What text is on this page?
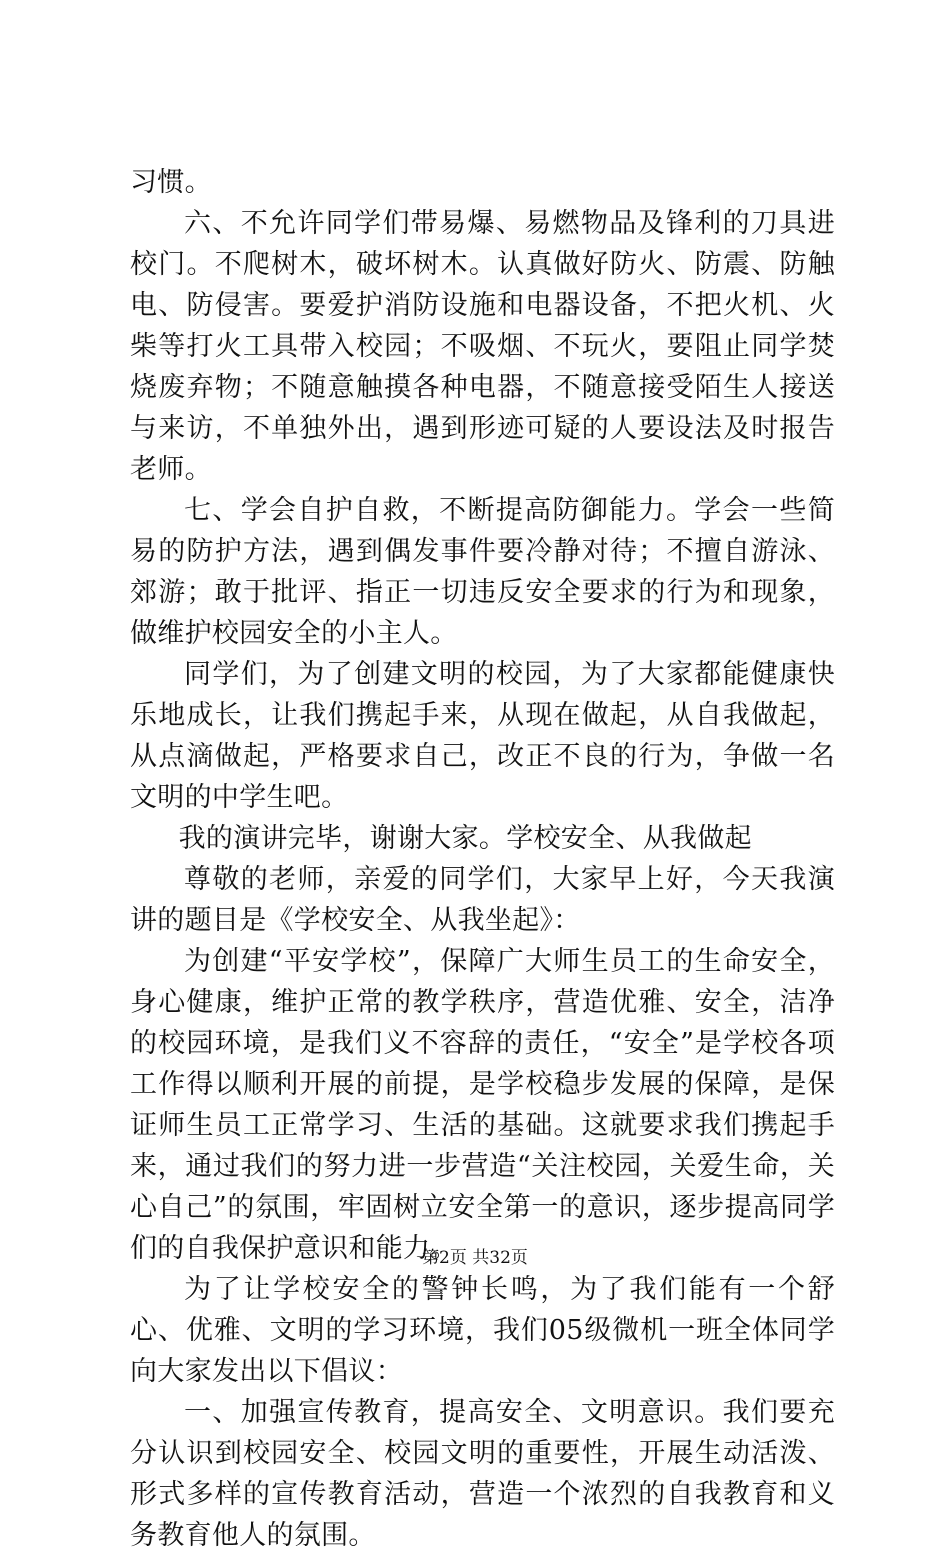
习惯。

六、不允许同学们带易爆、易燃物品及锋利的刀具进校门。不爬树木，破坏树木。认真做好防火、防震、防触电、防侵害。要爱护消防设施和电器设备，不把火机、火柴等打火工具带入校园；不吸烟、不玩火，要阻止同学焚烧废弃物；不随意触摸各种电器，不随意接受陌生人接送与来访，不单独外出，遇到形迹可疑的人要设法及时报告老师。

七、学会自护自救，不断提高防御能力。学会一些简易的防护方法，遇到偶发事件要冷静对待；不擅自游泳、郊游；敢于批评、指正一切违反安全要求的行为和现象，做维护校园安全的小主人。

同学们，为了创建文明的校园，为了大家都能健康快乐地成长，让我们携起手来，从现在做起，从自我做起，从点滴做起，严格要求自己，改正不良的行为，争做一名文明的中学生吧。

我的演讲完毕，谢谢大家。学校安全、从我做起

尊敬的老师，亲爱的同学们，大家早上好，今天我演讲的题目是《学校安全、从我坐起》：

为创建“平安学校”，保障广大师生员工的生命安全，身心健康，维护正常的教学秩序，营造优雅、安全，洁净的校园环境，是我们义不容辞的责任，“安全”是学校各项工作得以顺利开展的前提，是学校稳步发展的保障，是保证师生员工正常学习、生活的基础。这就要求我们携起手来，通过我们的努力进一步营造“关注校园，关爱生命，关心自己”的氛围，牢固树立安全第一的意识，逐步提高同学们的自我保护意识和能力。

为了让学校安全的警钟长鸣，为了我们能有一个舒心、优雅、文明的学习环境，我们05级微机一班全体同学向大家发出以下倡议：

一、加强宣传教育，提高安全、文明意识。我们要充分认识到校园安全、校园文明的重要性，开展生动活泼、形式多样的宣传教育活动，营造一个浓烈的自我教育和义务教育他人的氛围。

第2页 共32页
